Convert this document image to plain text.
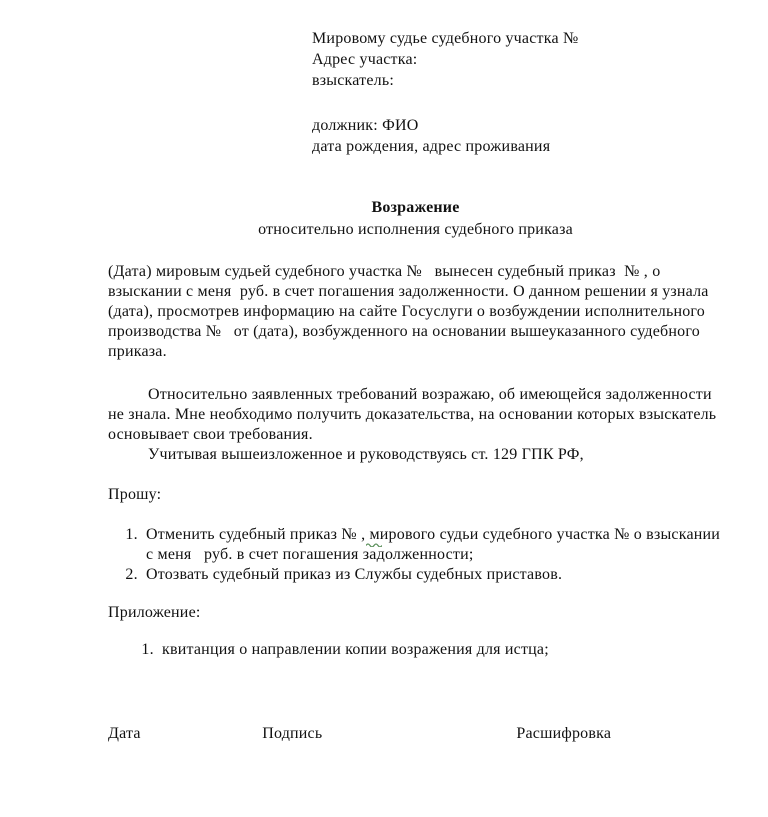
Мировому судье судебного участка №
Адрес участка:
взыскатель:
должник: ФИО
дата рождения, адрес проживания
Возражение
относительно исполнения судебного приказа

(Дата) мировым судьей судебного участка №   вынесен судебный приказ  № , о взыскании с меня  руб. в счет погашения задолженности. О данном решении я узнала (дата), просмотрев информацию на сайте Госуслуги о возбуждении исполнительного производства №   от (дата), возбужденного на основании вышеуказанного судебного приказа.

Относительно заявленных требований возражаю, об имеющейся задолженности не знала. Мне необходимо получить доказательства, на основании которых взыскатель основывает свои требования.

Учитывая вышеизложенное и руководствуясь ст. 129 ГПК РФ,

Прошу:
1. Отменить судебный приказ № , мирового судьи судебного участка № о взыскании с меня   руб. в счет погашения задолженности;
2. Отозвать судебный приказ из Службы судебных приставов.
Приложение:
1. квитанция о направлении копии возражения для истца;
Дата	Подпись	Расшифровка
